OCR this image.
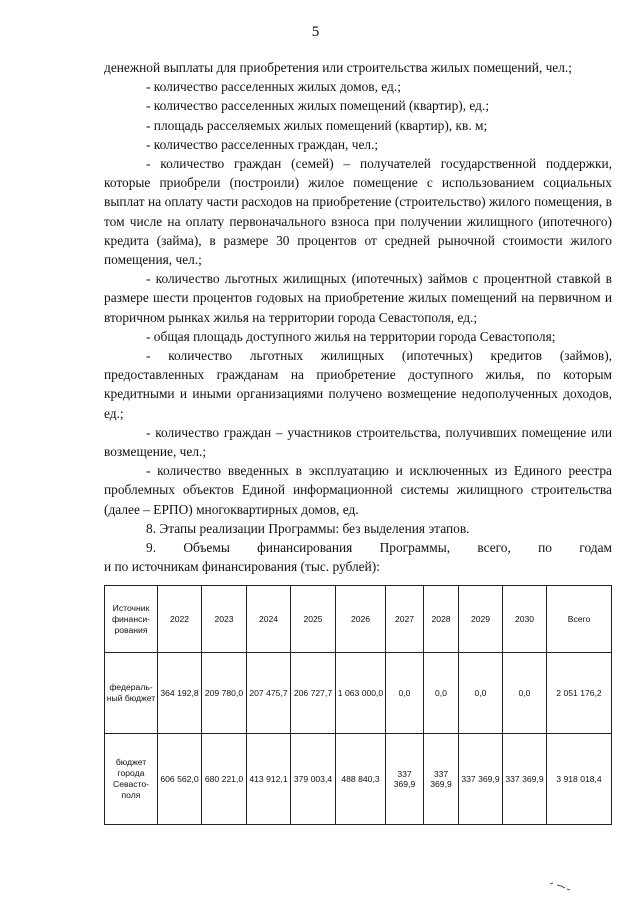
5

денежной выплаты для приобретения или строительства жилых помещений, чел.;

- количество расселенных жилых домов, ед.;

- количество расселенных жилых помещений (квартир), ед.;

- площадь расселяемых жилых помещений (квартир), кв. м;

- количество расселенных граждан, чел.;

- количество граждан (семей) – получателей государственной поддержки, которые приобрели (построили) жилое помещение с использованием социальных выплат на оплату части расходов на приобретение (строительство) жилого помещения, в том числе на оплату первоначального взноса при получении жилищного (ипотечного) кредита (займа), в размере 30 процентов от средней рыночной стоимости жилого помещения, чел.;

- количество льготных жилищных (ипотечных) займов с процентной ставкой в размере шести процентов годовых на приобретение жилых помещений на первичном и вторичном рынках жилья на территории города Севастополя, ед.;

- общая площадь доступного жилья на территории города Севастополя;

- количество льготных жилищных (ипотечных) кредитов (займов), предоставленных гражданам на приобретение доступного жилья, по которым кредитными и иными организациями получено возмещение недополученных доходов, ед.;

- количество граждан – участников строительства, получивших помещение или возмещение, чел.;

- количество введенных в эксплуатацию и исключенных из Единого реестра проблемных объектов Единой информационной системы жилищного строительства (далее – ЕРПО) многоквартирных домов, ед.

8. Этапы реализации Программы: без выделения этапов.

9. Объемы финансирования Программы, всего, по годам

и по источникам финансирования (тыс. рублей):

Источник финанси-рования	2022	2023	2024	2025	2026	2027	2028	2029	2030	Всего
федераль-ный бюджет	364 192,8	209 780,0	207 475,7	206 727,7	1 063 000,0	0,0	0,0	0,0	0,0	2 051 176,2
бюджет города Севасто-поля	606 562,0	680 221,0	413 912,1	379 003,4	488 840,3	337 369,9	337 369,9	337 369,9	337 369,9	3 918 018,4
